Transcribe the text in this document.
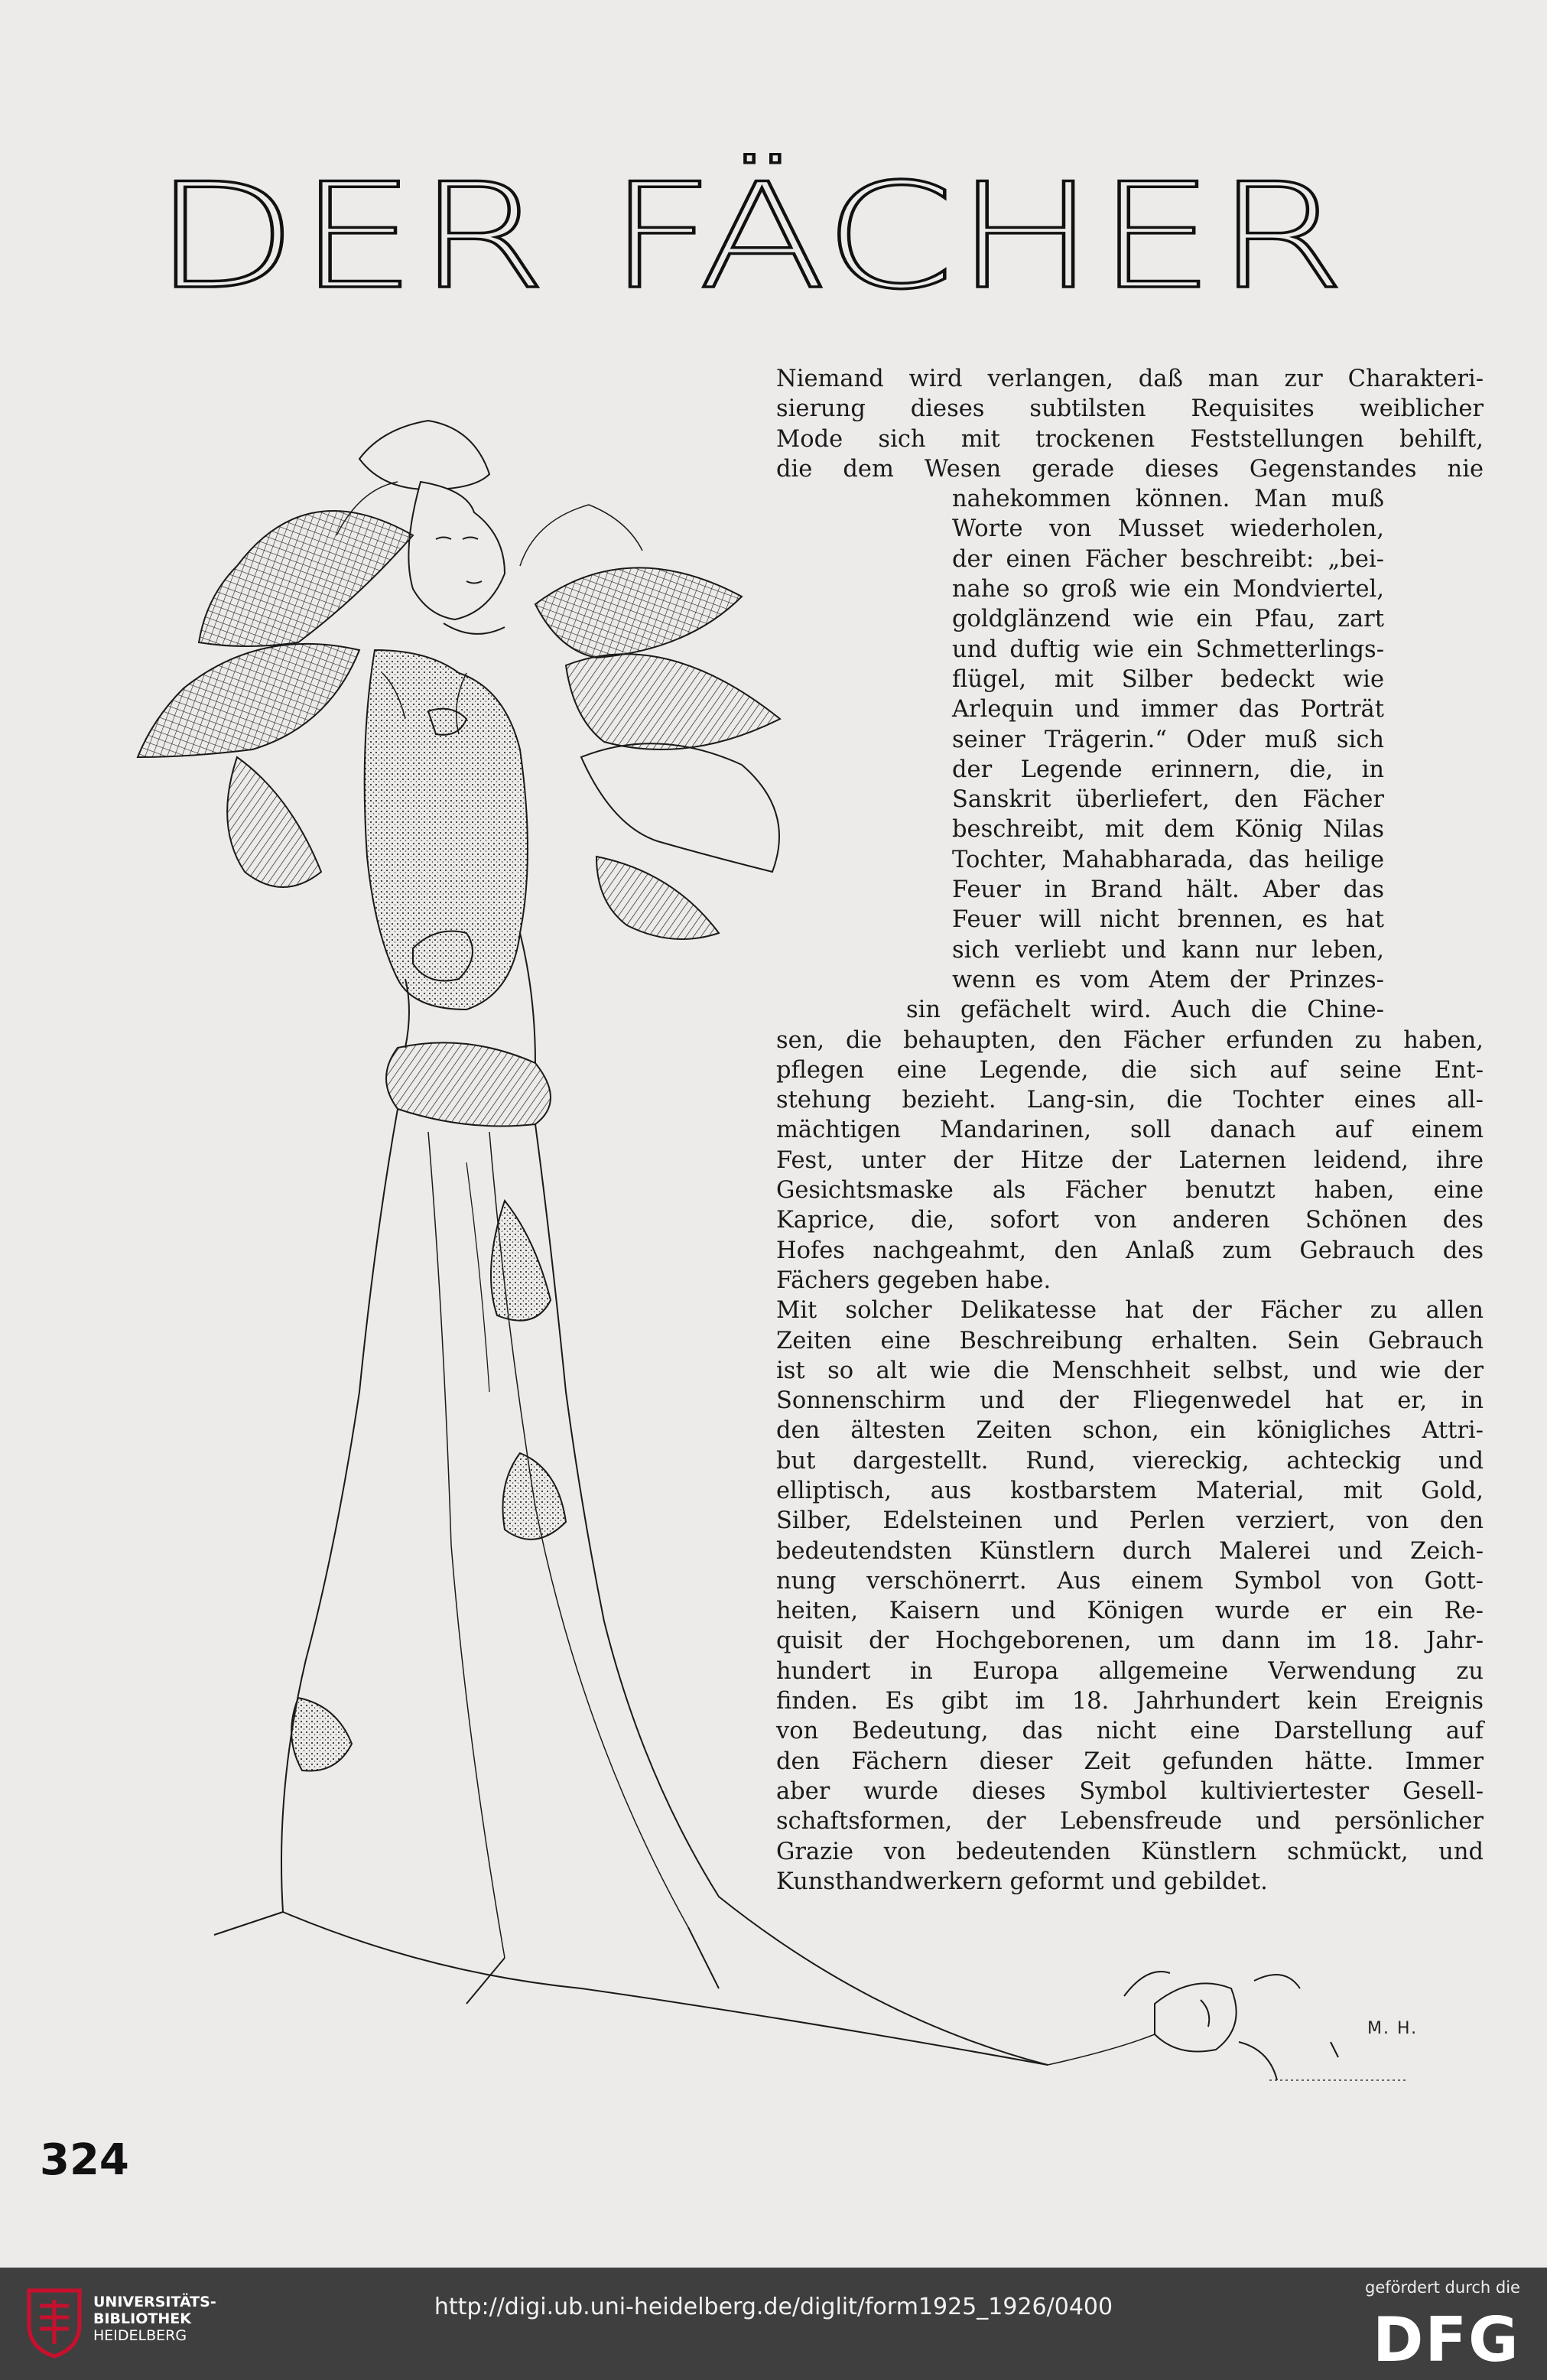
DER FÄCHER
Niemand wird verlangen, daß man zur Charakteri-
sierung dieses subtilsten Requisites weiblicher
Mode sich mit trockenen Feststellungen behilft,
die dem Wesen gerade dieses Gegenstandes nie
nahekommen können. Man muß
Worte von Musset wiederholen,
der einen Fächer beschreibt: „bei-
nahe so groß wie ein Mondviertel,
goldglänzend wie ein Pfau, zart
und duftig wie ein Schmetterlings-
flügel, mit Silber bedeckt wie
Arlequin und immer das Porträt
seiner Trägerin.“ Oder muß sich
der Legende erinnern, die, in
Sanskrit überliefert, den Fächer
beschreibt, mit dem König Nilas
Tochter, Mahabharada, das heilige
Feuer in Brand hält. Aber das
Feuer will nicht brennen, es hat
sich verliebt und kann nur leben,
wenn es vom Atem der Prinzes-
sin gefächelt wird. Auch die Chine-
sen, die behaupten, den Fächer erfunden zu haben,
pflegen eine Legende, die sich auf seine Ent-
stehung bezieht. Lang-sin, die Tochter eines all-
mächtigen Mandarinen, soll danach auf einem
Fest, unter der Hitze der Laternen leidend, ihre
Gesichtsmaske als Fächer benutzt haben, eine
Kaprice, die, sofort von anderen Schönen des
Hofes nachgeahmt, den Anlaß zum Gebrauch des
Fächers gegeben habe.
Mit solcher Delikatesse hat der Fächer zu allen
Zeiten eine Beschreibung erhalten. Sein Gebrauch
ist so alt wie die Menschheit selbst, und wie der
Sonnenschirm und der Fliegenwedel hat er, in
den ältesten Zeiten schon, ein königliches Attri-
but dargestellt. Rund, viereckig, achteckig und
elliptisch, aus kostbarstem Material, mit Gold,
Silber, Edelsteinen und Perlen verziert, von den
bedeutendsten Künstlern durch Malerei und Zeich-
nung verschönerrt. Aus einem Symbol von Gott-
heiten, Kaisern und Königen wurde er ein Re-
quisit der Hochgeborenen, um dann im 18. Jahr-
hundert in Europa allgemeine Verwendung zu
finden. Es gibt im 18. Jahrhundert kein Ereignis
von Bedeutung, das nicht eine Darstellung auf
den Fächern dieser Zeit gefunden hätte. Immer
aber wurde dieses Symbol kultiviertester Gesell-
schaftsformen, der Lebensfreude und persönlicher
Grazie von bedeutenden Künstlern schmückt, und
Kunsthandwerkern geformt und gebildet.
M. H.
324
UNIVERSITÄTS-
BIBLIOTHEK
HEIDELBERG
http://digi.ub.uni-heidelberg.de/diglit/form1925_1926/0400
gefördert durch die
DFG
